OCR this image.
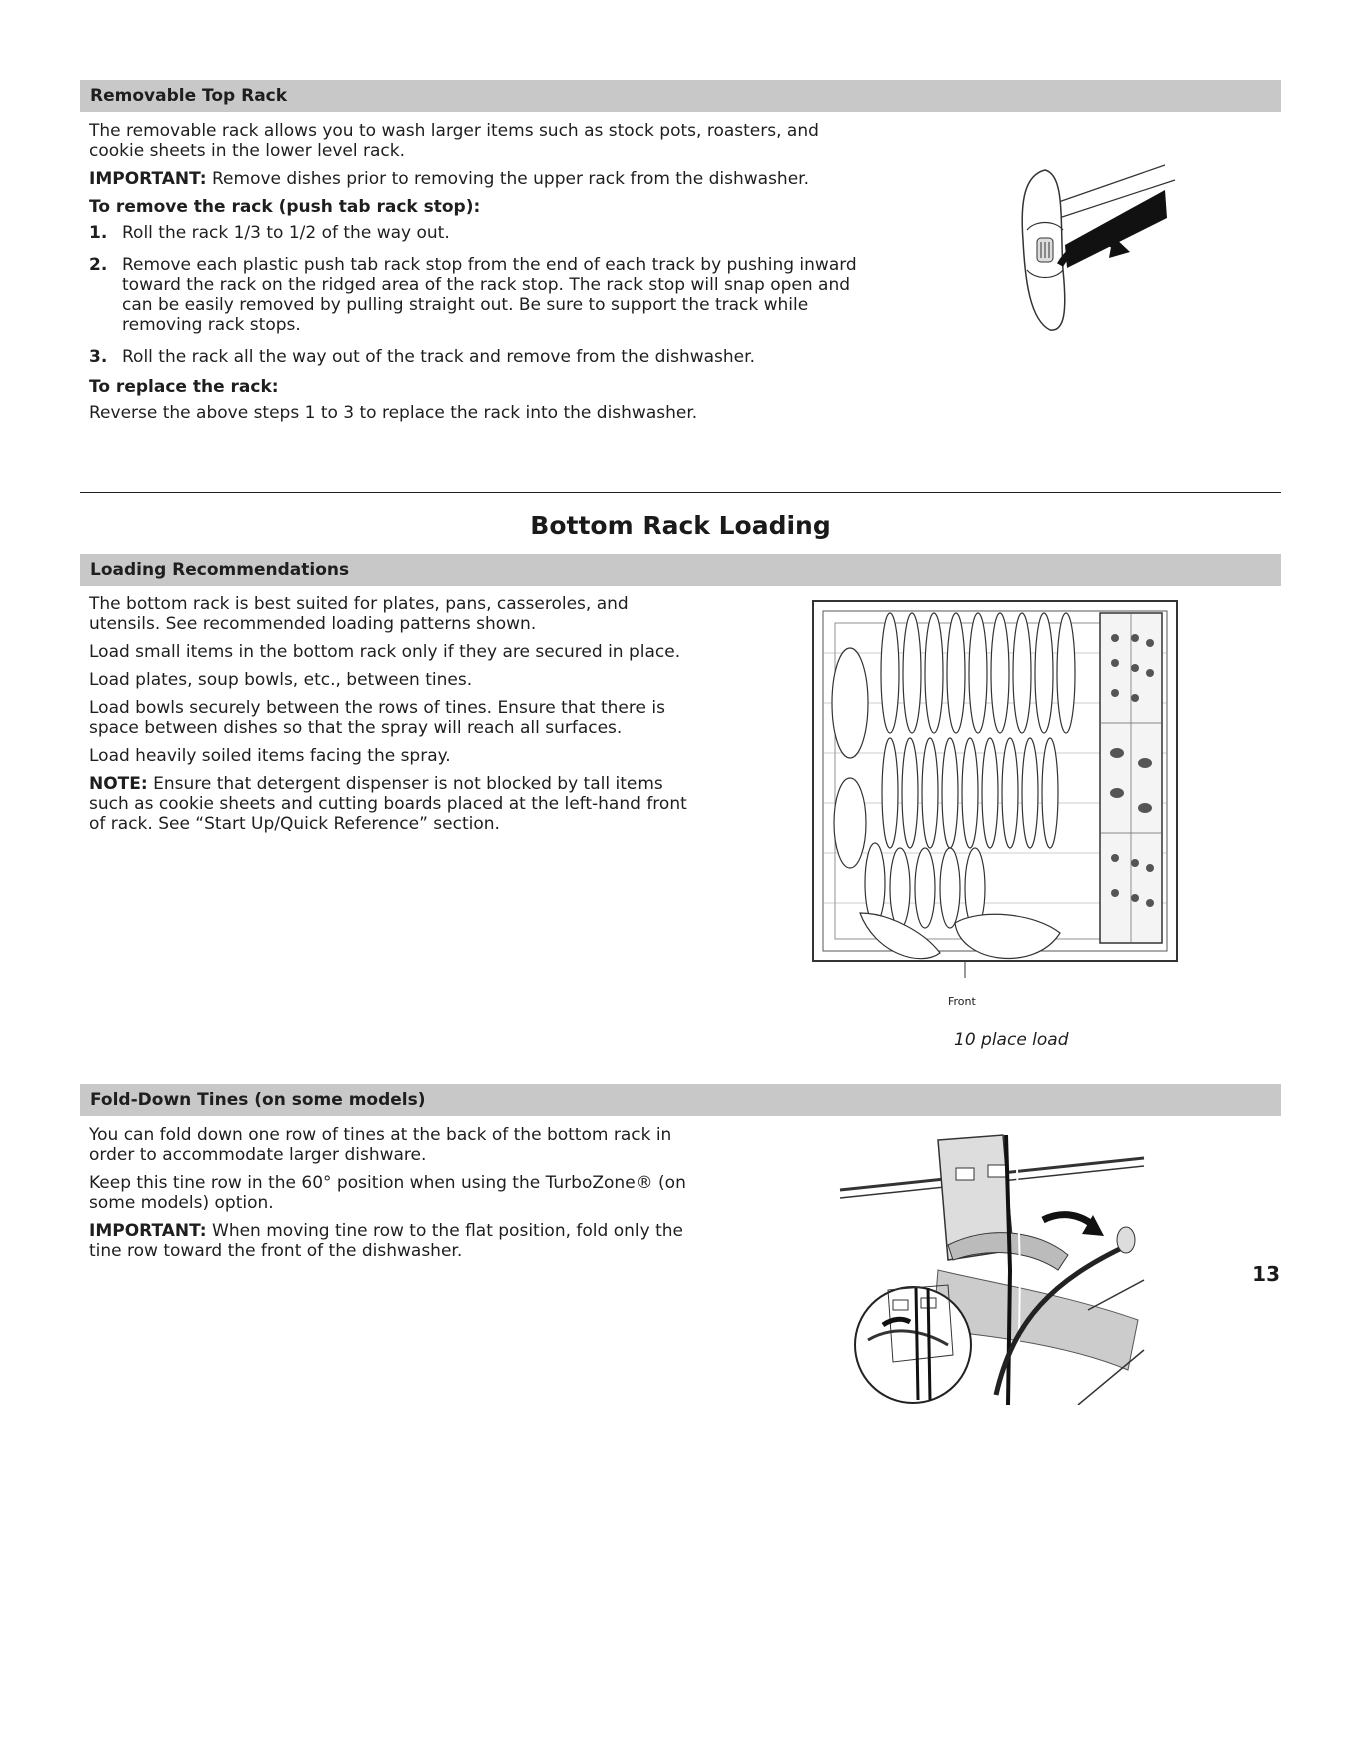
Removable Top Rack

The removable rack allows you to wash larger items such as stock pots, roasters, and cookie sheets in the lower level rack.

IMPORTANT: Remove dishes prior to removing the upper rack from the dishwasher.

To remove the rack (push tab rack stop):

1. Roll the rack 1/3 to 1/2 of the way out.
2. Remove each plastic push tab rack stop from the end of each track by pushing inward toward the rack on the ridged area of the rack stop. The rack stop will snap open and can be easily removed by pulling straight out. Be sure to support the track while removing rack stops.
3. Roll the rack all the way out of the track and remove from the dishwasher.

To replace the rack:

Reverse the above steps 1 to 3 to replace the rack into the dishwasher.

Bottom Rack Loading
Loading Recommendations

The bottom rack is best suited for plates, pans, casseroles, and utensils. See recommended loading patterns shown.

Load small items in the bottom rack only if they are secured in place.

Load plates, soup bowls, etc., between tines.

Load bowls securely between the rows of tines. Ensure that there is space between dishes so that the spray will reach all surfaces.

Load heavily soiled items facing the spray.

NOTE: Ensure that detergent dispenser is not blocked by tall items such as cookie sheets and cutting boards placed at the left-hand front of rack. See “Start Up/Quick Reference” section.

Front
10 place load
Fold-Down Tines (on some models)

You can fold down one row of tines at the back of the bottom rack in order to accommodate larger dishware.

Keep this tine row in the 60° position when using the TurboZone® (on some models) option.

IMPORTANT: When moving tine row to the flat position, fold only the tine row toward the front of the dishwasher.

13
